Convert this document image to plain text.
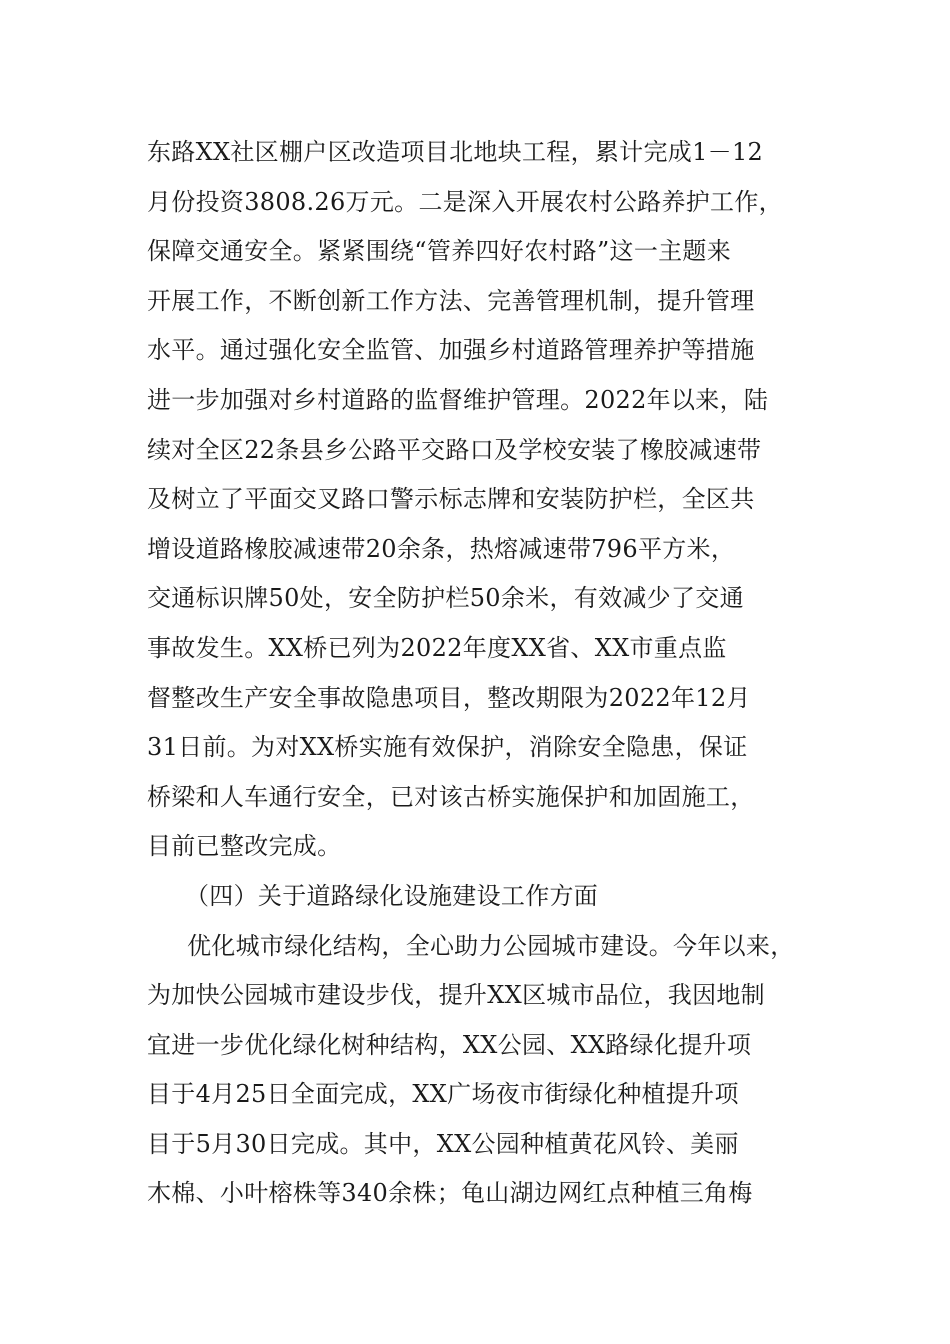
东路XX社区棚户区改造项目北地块工程，累计完成1－12
月份投资3808.26万元。二是深入开展农村公路养护工作，
保障交通安全。紧紧围绕“管养四好农村路”这一主题来
开展工作，不断创新工作方法、完善管理机制，提升管理
水平。通过强化安全监管、加强乡村道路管理养护等措施
进一步加强对乡村道路的监督维护管理。2022年以来，陆
续对全区22条县乡公路平交路口及学校安装了橡胶减速带
及树立了平面交叉路口警示标志牌和安装防护栏，全区共
增设道路橡胶减速带20余条，热熔减速带796平方米，
交通标识牌50处，安全防护栏50余米，有效减少了交通
事故发生。XX桥已列为2022年度XX省、XX市重点监
督整改生产安全事故隐患项目，整改期限为2022年12月
31日前。为对XX桥实施有效保护，消除安全隐患，保证
桥梁和人车通行安全，已对该古桥实施保护和加固施工，
目前已整改完成。
（四）关于道路绿化设施建设工作方面
优化城市绿化结构，全心助力公园城市建设。今年以来，
为加快公园城市建设步伐，提升XX区城市品位，我因地制
宜进一步优化绿化树种结构，XX公园、XX路绿化提升项
目于4月25日全面完成，XX广场夜市街绿化种植提升项
目于5月30日完成。其中，XX公园种植黄花风铃、美丽
木棉、小叶榕株等340余株；龟山湖边网红点种植三角梅
